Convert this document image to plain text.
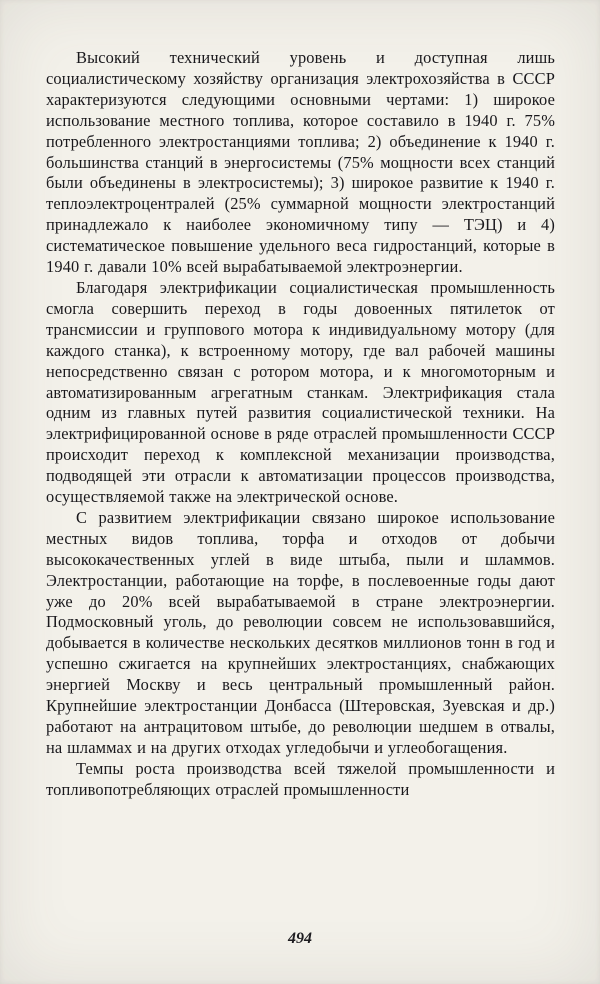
Высокий технический уровень и доступная лишь социалистическому хозяйству организация электрохозяйства в СССР характеризуются следующими основными чертами: 1) широкое использование местного топлива, которое составило в 1940 г. 75% потребленного электростанциями топлива; 2) объединение к 1940 г. большинства станций в энергосистемы (75% мощности всех станций были объединены в электросистемы); 3) широкое развитие к 1940 г. теплоэлектроцентралей (25% суммарной мощности электростанций принадлежало к наиболее экономичному типу — ТЭЦ) и 4) систематическое повышение удельного веса гидростанций, которые в 1940 г. давали 10% всей вырабатываемой электроэнергии.

Благодаря электрификации социалистическая промышленность смогла совершить переход в годы довоенных пятилеток от трансмиссии и группового мотора к индивидуальному мотору (для каждого станка), к встроенному мотору, где вал рабочей машины непосредственно связан с ротором мотора, и к многомоторным и автоматизированным агрегатным станкам. Электрификация стала одним из главных путей развития социалистической техники. На электрифицированной основе в ряде отраслей промышленности СССР происходит переход к комплексной механизации производства, подводящей эти отрасли к автоматизации процессов производства, осуществляемой также на электрической основе.

С развитием электрификации связано широкое использование местных видов топлива, торфа и отходов от добычи высококачественных углей в виде штыба, пыли и шламмов. Электростанции, работающие на торфе, в послевоенные годы дают уже до 20% всей вырабатываемой в стране электроэнергии. Подмосковный уголь, до революции совсем не использовавшийся, добывается в количестве нескольких десятков миллионов тонн в год и успешно сжигается на крупнейших электростанциях, снабжающих энергией Москву и весь центральный промышленный район. Крупнейшие электростанции Донбасса (Штеровская, Зуевская и др.) работают на антрацитовом штыбе, до революции шедшем в отвалы, на шламмах и на других отходах угледобычи и углеобогащения.

Темпы роста производства всей тяжелой промышленности и топливопотребляющих отраслей промышленности

494
